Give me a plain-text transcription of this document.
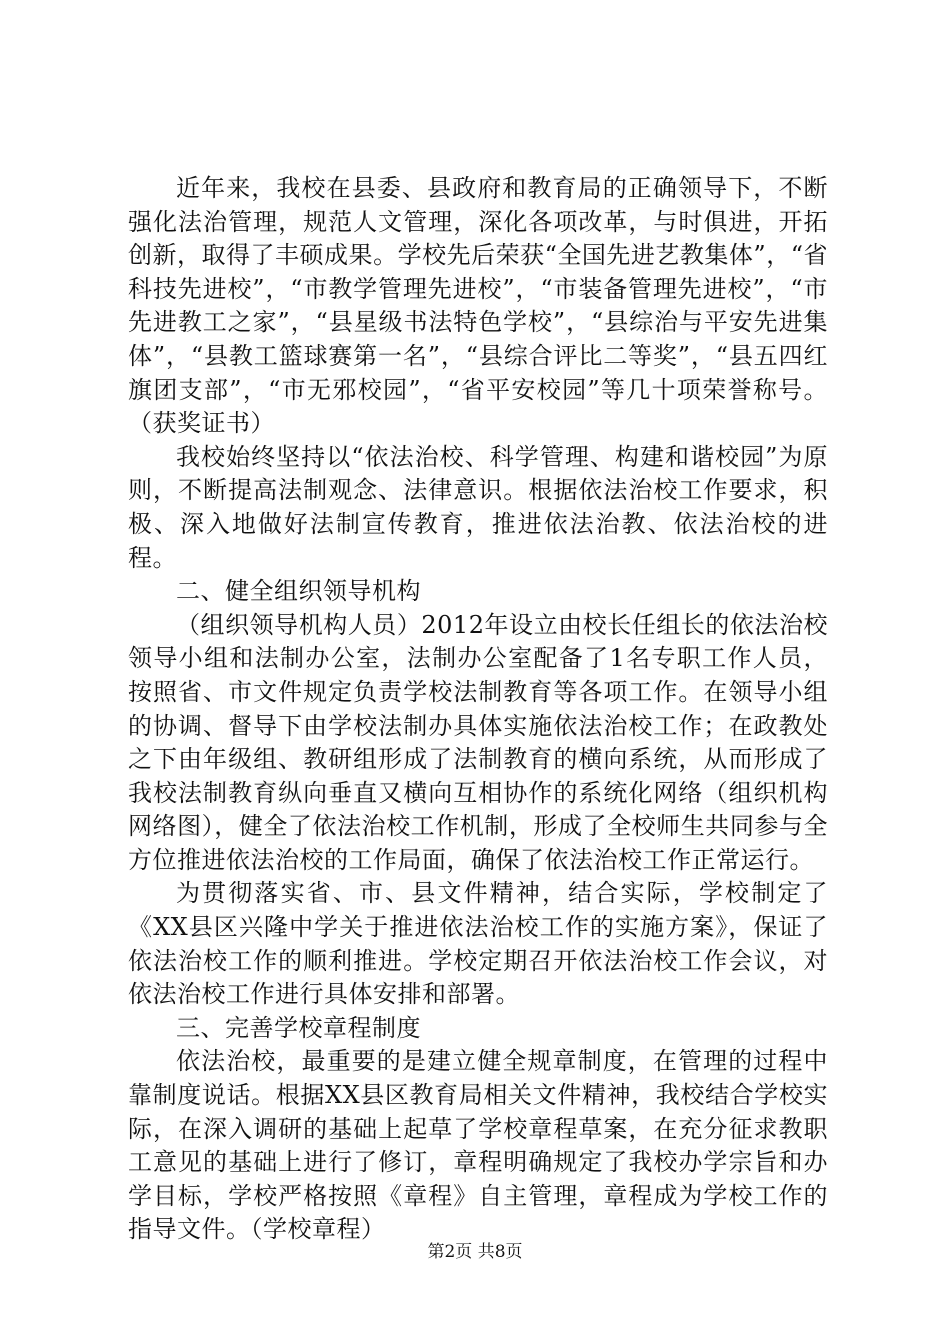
近年来，我校在县委、县政府和教育局的正确领导下，不断强化法治管理，规范人文管理，深化各项改革，与时俱进，开拓创新，取得了丰硕成果。学校先后荣获“全国先进艺教集体”，“省科技先进校”，“市教学管理先进校”，“市装备管理先进校”，“市先进教工之家”，“县星级书法特色学校”，“县综治与平安先进集体”，“县教工篮球赛第一名”，“县综合评比二等奖”，“县五四红旗团支部”，“市无邪校园”，“省平安校园”等几十项荣誉称号。（获奖证书）

我校始终坚持以“依法治校、科学管理、构建和谐校园”为原则，不断提高法制观念、法律意识。根据依法治校工作要求，积极、深入地做好法制宣传教育，推进依法治教、依法治校的进程。

二、健全组织领导机构

（组织领导机构人员）2012年设立由校长任组长的依法治校领导小组和法制办公室，法制办公室配备了1名专职工作人员，按照省、市文件规定负责学校法制教育等各项工作。在领导小组的协调、督导下由学校法制办具体实施依法治校工作；在政教处之下由年级组、教研组形成了法制教育的横向系统，从而形成了我校法制教育纵向垂直又横向互相协作的系统化网络（组织机构网络图），健全了依法治校工作机制，形成了全校师生共同参与全方位推进依法治校的工作局面，确保了依法治校工作正常运行。

为贯彻落实省、市、县文件精神，结合实际，学校制定了《XX县区兴隆中学关于推进依法治校工作的实施方案》，保证了依法治校工作的顺利推进。学校定期召开依法治校工作会议，对依法治校工作进行具体安排和部署。

三、完善学校章程制度

依法治校，最重要的是建立健全规章制度，在管理的过程中靠制度说话。根据XX县区教育局相关文件精神，我校结合学校实际，在深入调研的基础上起草了学校章程草案，在充分征求教职工意见的基础上进行了修订，章程明确规定了我校办学宗旨和办学目标，学校严格按照《章程》自主管理，章程成为学校工作的指导文件。（学校章程）

第2页 共8页
